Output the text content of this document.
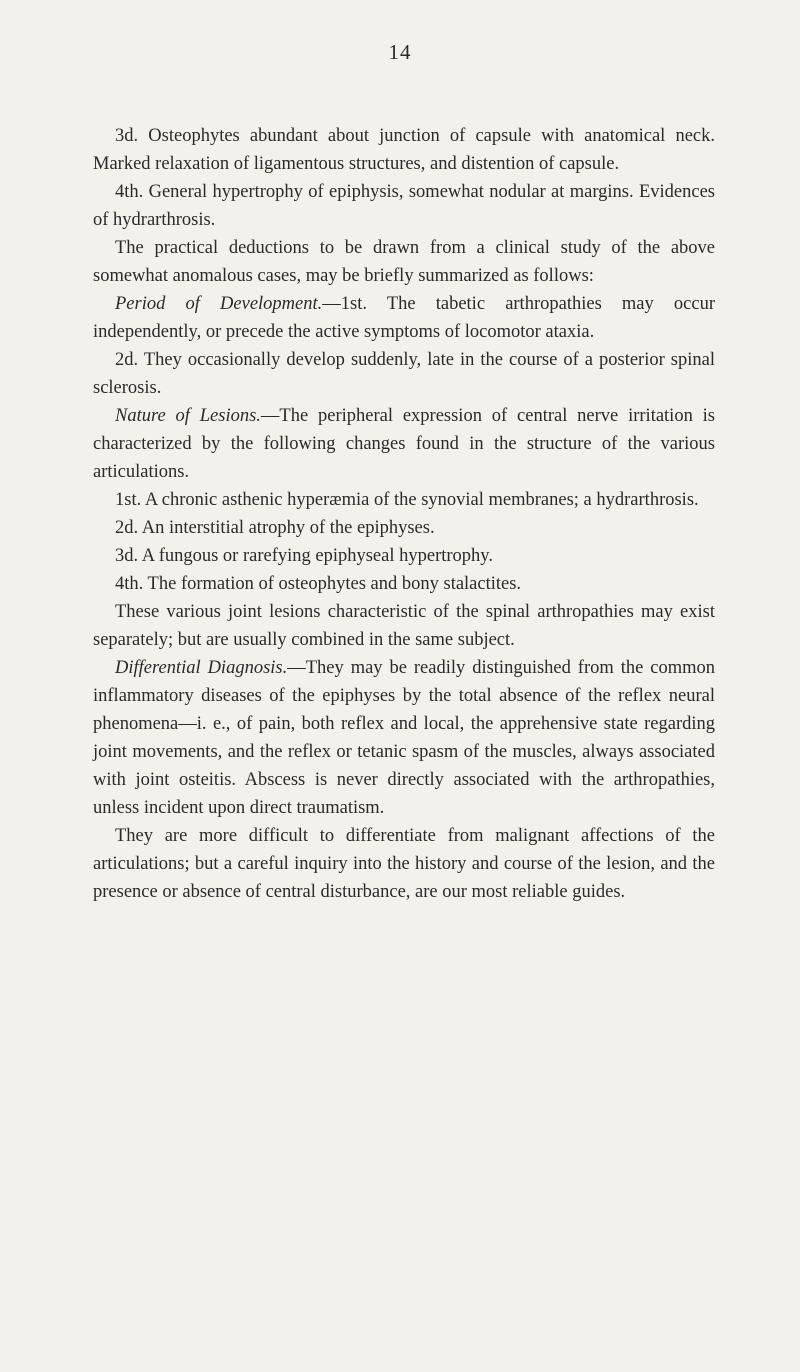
14

3d. Osteophytes abundant about junction of capsule with anatomical neck. Marked relaxation of ligamentous structures, and distention of capsule.

4th. General hypertrophy of epiphysis, somewhat nodular at margins. Evidences of hydrarthrosis.

The practical deductions to be drawn from a clinical study of the above somewhat anomalous cases, may be briefly summarized as follows:

Period of Development.—1st. The tabetic arthropathies may occur independently, or precede the active symptoms of locomotor ataxia.

2d. They occasionally develop suddenly, late in the course of a posterior spinal sclerosis.

Nature of Lesions.—The peripheral expression of central nerve irritation is characterized by the following changes found in the structure of the various articulations.

1st. A chronic asthenic hyperæmia of the synovial membranes; a hydrarthrosis.

2d. An interstitial atrophy of the epiphyses.

3d. A fungous or rarefying epiphyseal hypertrophy.

4th. The formation of osteophytes and bony stalactites.

These various joint lesions characteristic of the spinal arthropathies may exist separately; but are usually combined in the same subject.

Differential Diagnosis.—They may be readily distinguished from the common inflammatory diseases of the epiphyses by the total absence of the reflex neural phenomena—i. e., of pain, both reflex and local, the apprehensive state regarding joint movements, and the reflex or tetanic spasm of the muscles, always associated with joint osteitis. Abscess is never directly associated with the arthropathies, unless incident upon direct traumatism.

They are more difficult to differentiate from malignant affections of the articulations; but a careful inquiry into the history and course of the lesion, and the presence or absence of central disturbance, are our most reliable guides.
